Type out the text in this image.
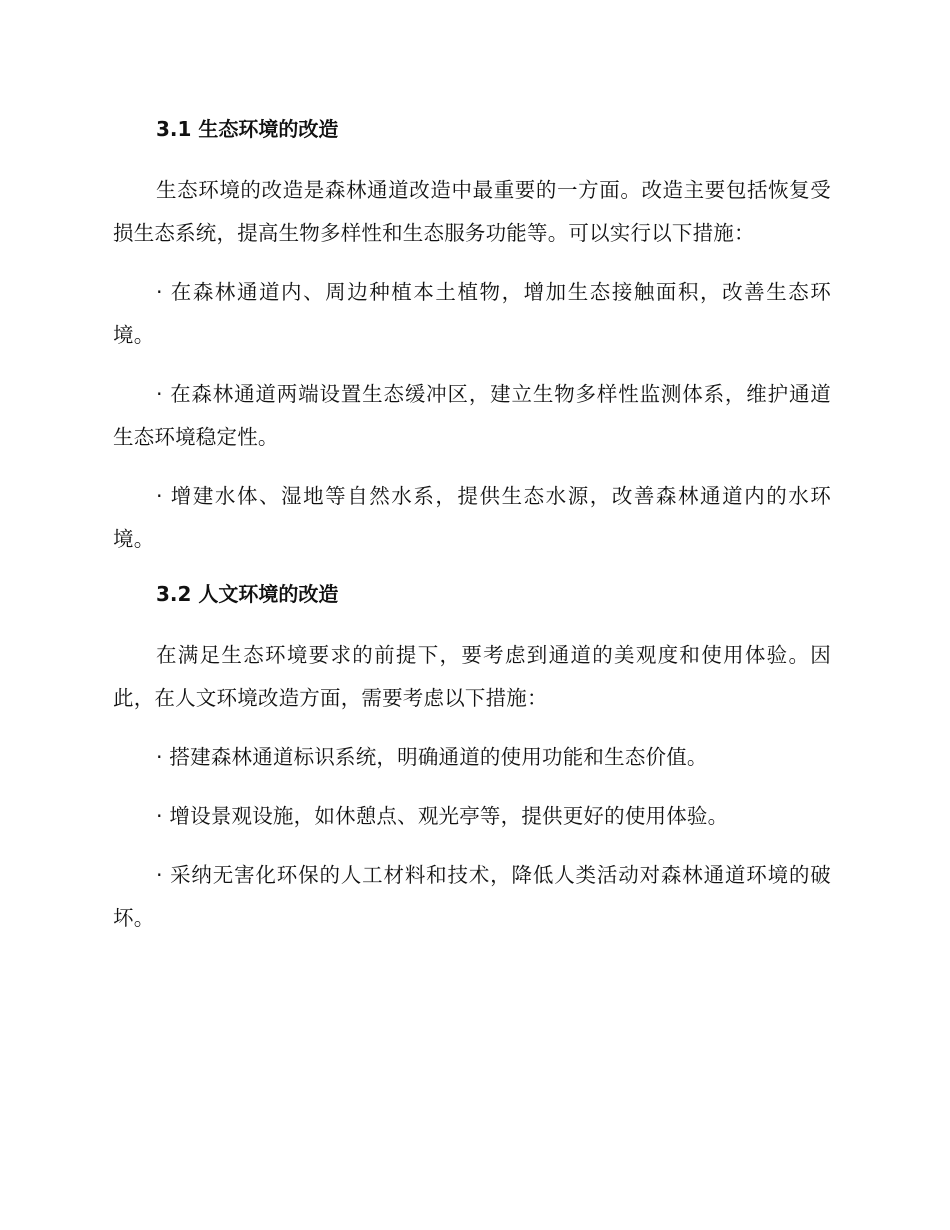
3.1 生态环境的改造

生态环境的改造是森林通道改造中最重要的一方面。改造主要包括恢复受损生态系统，提高生物多样性和生态服务功能等。可以实行以下措施：

· 在森林通道内、周边种植本土植物，增加生态接触面积，改善生态环境。

· 在森林通道两端设置生态缓冲区，建立生物多样性监测体系，维护通道生态环境稳定性。

· 增建水体、湿地等自然水系，提供生态水源，改善森林通道内的水环境。

3.2 人文环境的改造

在满足生态环境要求的前提下，要考虑到通道的美观度和使用体验。因此，在人文环境改造方面，需要考虑以下措施：

· 搭建森林通道标识系统，明确通道的使用功能和生态价值。

· 增设景观设施，如休憩点、观光亭等，提供更好的使用体验。

· 采纳无害化环保的人工材料和技术，降低人类活动对森林通道环境的破坏。
